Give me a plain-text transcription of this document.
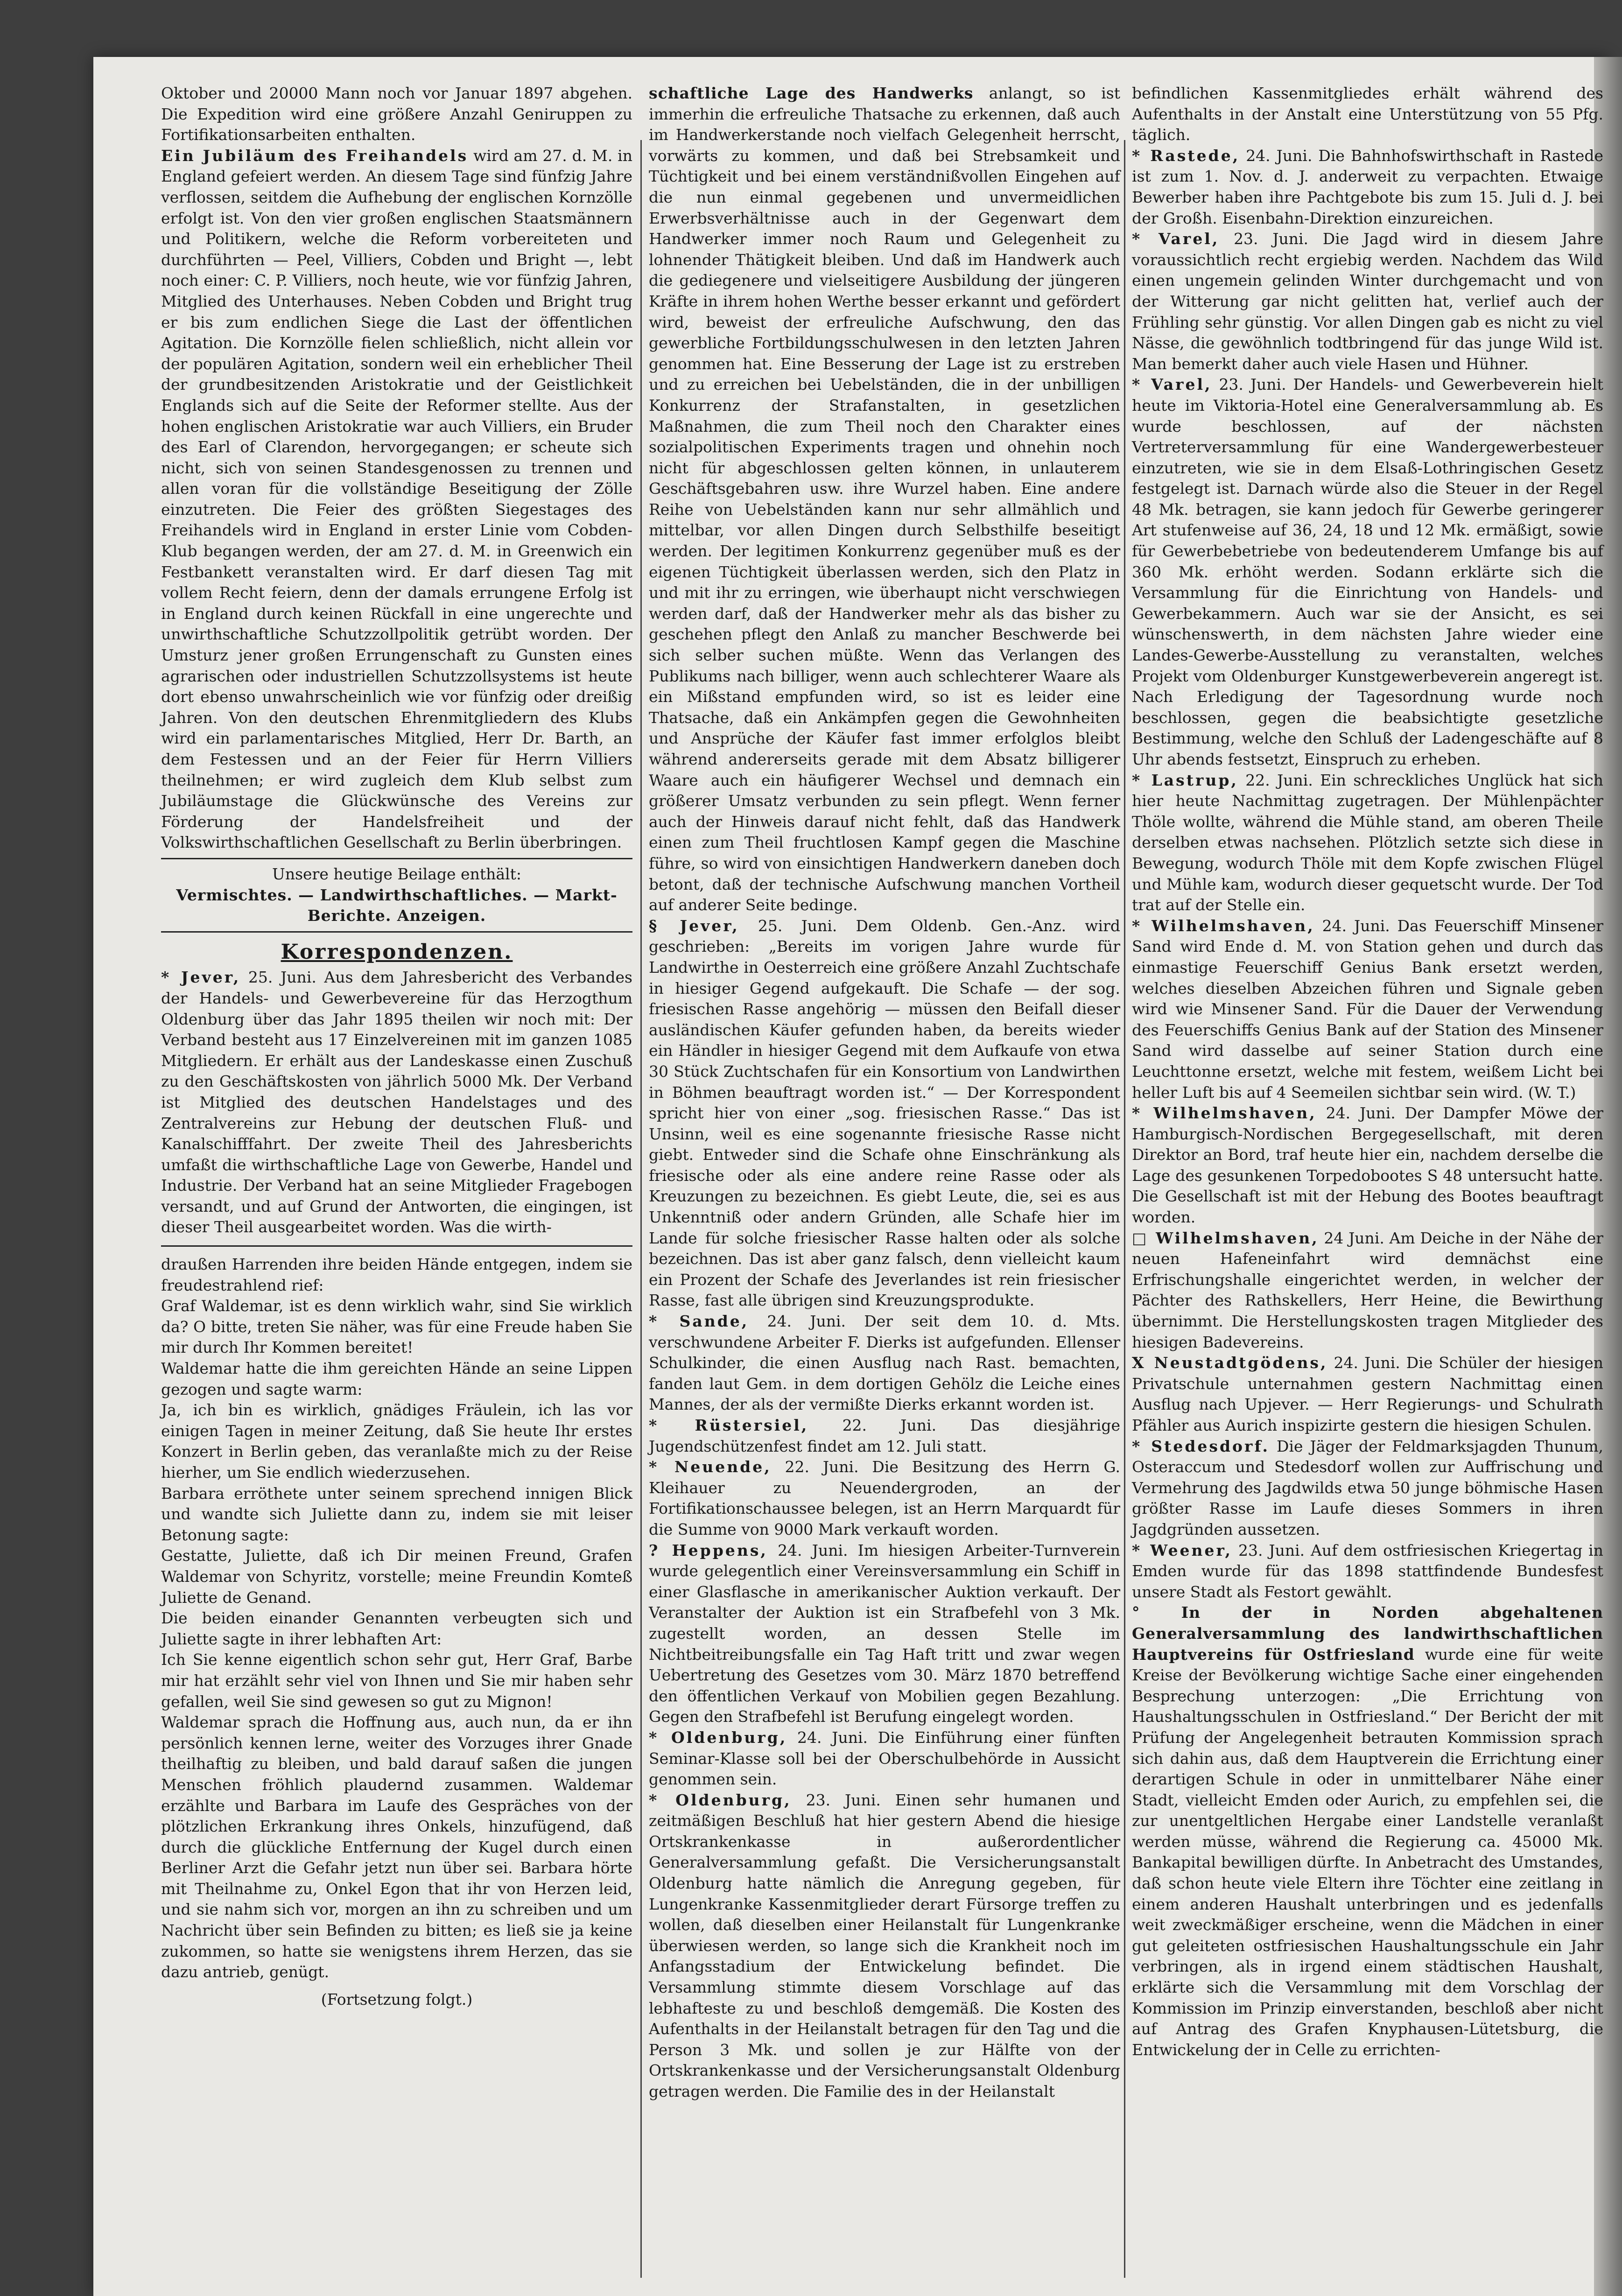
Oktober und 20000 Mann noch vor Januar 1897 abgehen. Die Expedition wird eine größere Anzahl Geniruppen zu Fortifikationsarbeiten enthalten.

Ein Jubiläum des Freihandels wird am 27. d. M. in England gefeiert werden. An diesem Tage sind fünfzig Jahre verflossen, seitdem die Aufhebung der englischen Kornzölle erfolgt ist. Von den vier großen englischen Staatsmännern und Politikern, welche die Reform vorbereiteten und durchführten — Peel, Villiers, Cobden und Bright —, lebt noch einer: C. P. Villiers, noch heute, wie vor fünfzig Jahren, Mitglied des Unterhauses. Neben Cobden und Bright trug er bis zum endlichen Siege die Last der öffentlichen Agitation. Die Kornzölle fielen schließlich, nicht allein vor der populären Agitation, sondern weil ein erheblicher Theil der grundbesitzenden Aristokratie und der Geistlichkeit Englands sich auf die Seite der Reformer stellte. Aus der hohen englischen Aristokratie war auch Villiers, ein Bruder des Earl of Clarendon, hervorgegangen; er scheute sich nicht, sich von seinen Standesgenossen zu trennen und allen voran für die vollständige Beseitigung der Zölle einzutreten. Die Feier des größten Siegestages des Freihandels wird in England in erster Linie vom Cobden-Klub begangen werden, der am 27. d. M. in Greenwich ein Festbankett veranstalten wird. Er darf diesen Tag mit vollem Recht feiern, denn der damals errungene Erfolg ist in England durch keinen Rückfall in eine ungerechte und unwirthschaftliche Schutzzollpolitik getrübt worden. Der Umsturz jener großen Errungenschaft zu Gunsten eines agrarischen oder industriellen Schutzzollsystems ist heute dort ebenso unwahrscheinlich wie vor fünfzig oder dreißig Jahren. Von den deutschen Ehrenmitgliedern des Klubs wird ein parlamentarisches Mitglied, Herr Dr. Barth, an dem Festessen und an der Feier für Herrn Villiers theilnehmen; er wird zugleich dem Klub selbst zum Jubiläumstage die Glückwünsche des Vereins zur Förderung der Handelsfreiheit und der Volkswirthschaftlichen Gesellschaft zu Berlin überbringen.

Unsere heutige Beilage enthält:
Vermischtes. — Landwirthschaftliches. — Markt-Berichte. Anzeigen.
Korrespondenzen.

* Jever, 25. Juni. Aus dem Jahresbericht des Verbandes der Handels- und Gewerbevereine für das Herzogthum Oldenburg über das Jahr 1895 theilen wir noch mit: Der Verband besteht aus 17 Einzelvereinen mit im ganzen 1085 Mitgliedern. Er erhält aus der Landeskasse einen Zuschuß zu den Geschäftskosten von jährlich 5000 Mk. Der Verband ist Mitglied des deutschen Handelstages und des Zentralvereins zur Hebung der deutschen Fluß- und Kanalschifffahrt. Der zweite Theil des Jahresberichts umfaßt die wirthschaftliche Lage von Gewerbe, Handel und Industrie. Der Verband hat an seine Mitglieder Fragebogen versandt, und auf Grund der Antworten, die eingingen, ist dieser Theil ausgearbeitet worden. Was die wirth-

draußen Harrenden ihre beiden Hände entgegen, indem sie freudestrahlend rief:

Graf Waldemar, ist es denn wirklich wahr, sind Sie wirklich da? O bitte, treten Sie näher, was für eine Freude haben Sie mir durch Ihr Kommen bereitet!

Waldemar hatte die ihm gereichten Hände an seine Lippen gezogen und sagte warm:

Ja, ich bin es wirklich, gnädiges Fräulein, ich las vor einigen Tagen in meiner Zeitung, daß Sie heute Ihr erstes Konzert in Berlin geben, das veranlaßte mich zu der Reise hierher, um Sie endlich wiederzusehen.

Barbara erröthete unter seinem sprechend innigen Blick und wandte sich Juliette dann zu, indem sie mit leiser Betonung sagte:

Gestatte, Juliette, daß ich Dir meinen Freund, Grafen Waldemar von Schyritz, vorstelle; meine Freundin Komteß Juliette de Genand.

Die beiden einander Genannten verbeugten sich und Juliette sagte in ihrer lebhaften Art:

Ich Sie kenne eigentlich schon sehr gut, Herr Graf, Barbe mir hat erzählt sehr viel von Ihnen und Sie mir haben sehr gefallen, weil Sie sind gewesen so gut zu Mignon!

Waldemar sprach die Hoffnung aus, auch nun, da er ihn persönlich kennen lerne, weiter des Vorzuges ihrer Gnade theilhaftig zu bleiben, und bald darauf saßen die jungen Menschen fröhlich plaudernd zusammen. Waldemar erzählte und Barbara im Laufe des Gespräches von der plötzlichen Erkrankung ihres Onkels, hinzufügend, daß durch die glückliche Entfernung der Kugel durch einen Berliner Arzt die Gefahr jetzt nun über sei. Barbara hörte mit Theilnahme zu, Onkel Egon that ihr von Herzen leid, und sie nahm sich vor, morgen an ihn zu schreiben und um Nachricht über sein Befinden zu bitten; es ließ sie ja keine zukommen, so hatte sie wenigstens ihrem Herzen, das sie dazu antrieb, genügt.

(Fortsetzung folgt.)

schaftliche Lage des Handwerks anlangt, so ist immerhin die erfreuliche Thatsache zu erkennen, daß auch im Handwerkerstande noch vielfach Gelegenheit herrscht, vorwärts zu kommen, und daß bei Strebsamkeit und Tüchtigkeit und bei einem verständnißvollen Eingehen auf die nun einmal gegebenen und unvermeidlichen Erwerbsverhältnisse auch in der Gegenwart dem Handwerker immer noch Raum und Gelegenheit zu lohnender Thätigkeit bleiben. Und daß im Handwerk auch die gediegenere und vielseitigere Ausbildung der jüngeren Kräfte in ihrem hohen Werthe besser erkannt und gefördert wird, beweist der erfreuliche Aufschwung, den das gewerbliche Fortbildungsschulwesen in den letzten Jahren genommen hat. Eine Besserung der Lage ist zu erstreben und zu erreichen bei Uebelständen, die in der unbilligen Konkurrenz der Strafanstalten, in gesetzlichen Maßnahmen, die zum Theil noch den Charakter eines sozialpolitischen Experiments tragen und ohnehin noch nicht für abgeschlossen gelten können, in unlauterem Geschäftsgebahren usw. ihre Wurzel haben. Eine andere Reihe von Uebelständen kann nur sehr allmählich und mittelbar, vor allen Dingen durch Selbsthilfe beseitigt werden. Der legitimen Konkurrenz gegenüber muß es der eigenen Tüchtigkeit überlassen werden, sich den Platz in und mit ihr zu erringen, wie überhaupt nicht verschwiegen werden darf, daß der Handwerker mehr als das bisher zu geschehen pflegt den Anlaß zu mancher Beschwerde bei sich selber suchen müßte. Wenn das Verlangen des Publikums nach billiger, wenn auch schlechterer Waare als ein Mißstand empfunden wird, so ist es leider eine Thatsache, daß ein Ankämpfen gegen die Gewohnheiten und Ansprüche der Käufer fast immer erfolglos bleibt während andererseits gerade mit dem Absatz billigerer Waare auch ein häufigerer Wechsel und demnach ein größerer Umsatz verbunden zu sein pflegt. Wenn ferner auch der Hinweis darauf nicht fehlt, daß das Handwerk einen zum Theil fruchtlosen Kampf gegen die Maschine führe, so wird von einsichtigen Handwerkern daneben doch betont, daß der technische Aufschwung manchen Vortheil auf anderer Seite bedinge.

§ Jever, 25. Juni. Dem Oldenb. Gen.-Anz. wird geschrieben: „Bereits im vorigen Jahre wurde für Landwirthe in Oesterreich eine größere Anzahl Zuchtschafe in hiesiger Gegend aufgekauft. Die Schafe — der sog. friesischen Rasse angehörig — müssen den Beifall dieser ausländischen Käufer gefunden haben, da bereits wieder ein Händler in hiesiger Gegend mit dem Aufkaufe von etwa 30 Stück Zuchtschafen für ein Konsortium von Landwirthen in Böhmen beauftragt worden ist.“ — Der Korrespondent spricht hier von einer „sog. friesischen Rasse.“ Das ist Unsinn, weil es eine sogenannte friesische Rasse nicht giebt. Entweder sind die Schafe ohne Einschränkung als friesische oder als eine andere reine Rasse oder als Kreuzungen zu bezeichnen. Es giebt Leute, die, sei es aus Unkenntniß oder andern Gründen, alle Schafe hier im Lande für solche friesischer Rasse halten oder als solche bezeichnen. Das ist aber ganz falsch, denn vielleicht kaum ein Prozent der Schafe des Jeverlandes ist rein friesischer Rasse, fast alle übrigen sind Kreuzungsprodukte.

* Sande, 24. Juni. Der seit dem 10. d. Mts. verschwundene Arbeiter F. Dierks ist aufgefunden. Ellenser Schulkinder, die einen Ausflug nach Rast. bemachten, fanden laut Gem. in dem dortigen Gehölz die Leiche eines Mannes, der als der vermißte Dierks erkannt worden ist.

* Rüstersiel, 22. Juni. Das diesjährige Jugendschützenfest findet am 12. Juli statt.

* Neuende, 22. Juni. Die Besitzung des Herrn G. Kleihauer zu Neuendergroden, an der Fortifikationschaussee belegen, ist an Herrn Marquardt für die Summe von 9000 Mark verkauft worden.

? Heppens, 24. Juni. Im hiesigen Arbeiter-Turnverein wurde gelegentlich einer Vereinsversammlung ein Schiff in einer Glasflasche in amerikanischer Auktion verkauft. Der Veranstalter der Auktion ist ein Strafbefehl von 3 Mk. zugestellt worden, an dessen Stelle im Nichtbeitreibungsfalle ein Tag Haft tritt und zwar wegen Uebertretung des Gesetzes vom 30. März 1870 betreffend den öffentlichen Verkauf von Mobilien gegen Bezahlung. Gegen den Strafbefehl ist Berufung eingelegt worden.

* Oldenburg, 24. Juni. Die Einführung einer fünften Seminar-Klasse soll bei der Oberschulbehörde in Aussicht genommen sein.

* Oldenburg, 23. Juni. Einen sehr humanen und zeitmäßigen Beschluß hat hier gestern Abend die hiesige Ortskrankenkasse in außerordentlicher Generalversammlung gefaßt. Die Versicherungsanstalt Oldenburg hatte nämlich die Anregung gegeben, für Lungenkranke Kassenmitglieder derart Fürsorge treffen zu wollen, daß dieselben einer Heilanstalt für Lungenkranke überwiesen werden, so lange sich die Krankheit noch im Anfangsstadium der Entwickelung befindet. Die Versammlung stimmte diesem Vorschlage auf das lebhafteste zu und beschloß demgemäß. Die Kosten des Aufenthalts in der Heilanstalt betragen für den Tag und die Person 3 Mk. und sollen je zur Hälfte von der Ortskrankenkasse und der Versicherungsanstalt Oldenburg getragen werden. Die Familie des in der Heilanstalt

befindlichen Kassenmitgliedes erhält während des Aufenthalts in der Anstalt eine Unterstützung von 55 Pfg. täglich.

* Rastede, 24. Juni. Die Bahnhofswirthschaft in Rastede ist zum 1. Nov. d. J. anderweit zu verpachten. Etwaige Bewerber haben ihre Pachtgebote bis zum 15. Juli d. J. bei der Großh. Eisenbahn-Direktion einzureichen.

* Varel, 23. Juni. Die Jagd wird in diesem Jahre voraussichtlich recht ergiebig werden. Nachdem das Wild einen ungemein gelinden Winter durchgemacht und von der Witterung gar nicht gelitten hat, verlief auch der Frühling sehr günstig. Vor allen Dingen gab es nicht zu viel Nässe, die gewöhnlich todtbringend für das junge Wild ist. Man bemerkt daher auch viele Hasen und Hühner.

* Varel, 23. Juni. Der Handels- und Gewerbeverein hielt heute im Viktoria-Hotel eine Generalversammlung ab. Es wurde beschlossen, auf der nächsten Vertreterversammlung für eine Wandergewerbesteuer einzutreten, wie sie in dem Elsaß-Lothringischen Gesetz festgelegt ist. Darnach würde also die Steuer in der Regel 48 Mk. betragen, sie kann jedoch für Gewerbe geringerer Art stufenweise auf 36, 24, 18 und 12 Mk. ermäßigt, sowie für Gewerbebetriebe von bedeutenderem Umfange bis auf 360 Mk. erhöht werden. Sodann erklärte sich die Versammlung für die Einrichtung von Handels- und Gewerbekammern. Auch war sie der Ansicht, es sei wünschenswerth, in dem nächsten Jahre wieder eine Landes-Gewerbe-Ausstellung zu veranstalten, welches Projekt vom Oldenburger Kunstgewerbeverein angeregt ist. Nach Erledigung der Tagesordnung wurde noch beschlossen, gegen die beabsichtigte gesetzliche Bestimmung, welche den Schluß der Ladengeschäfte auf 8 Uhr abends festsetzt, Einspruch zu erheben.

* Lastrup, 22. Juni. Ein schreckliches Unglück hat sich hier heute Nachmittag zugetragen. Der Mühlenpächter Thöle wollte, während die Mühle stand, am oberen Theile derselben etwas nachsehen. Plötzlich setzte sich diese in Bewegung, wodurch Thöle mit dem Kopfe zwischen Flügel und Mühle kam, wodurch dieser gequetscht wurde. Der Tod trat auf der Stelle ein.

* Wilhelmshaven, 24. Juni. Das Feuerschiff Minsener Sand wird Ende d. M. von Station gehen und durch das einmastige Feuerschiff Genius Bank ersetzt werden, welches dieselben Abzeichen führen und Signale geben wird wie Minsener Sand. Für die Dauer der Verwendung des Feuerschiffs Genius Bank auf der Station des Minsener Sand wird dasselbe auf seiner Station durch eine Leuchttonne ersetzt, welche mit festem, weißem Licht bei heller Luft bis auf 4 Seemeilen sichtbar sein wird. (W. T.)

* Wilhelmshaven, 24. Juni. Der Dampfer Möwe der Hamburgisch-Nordischen Bergegesellschaft, mit deren Direktor an Bord, traf heute hier ein, nachdem derselbe die Lage des gesunkenen Torpedobootes S 48 untersucht hatte. Die Gesellschaft ist mit der Hebung des Bootes beauftragt worden.

□ Wilhelmshaven, 24 Juni. Am Deiche in der Nähe der neuen Hafeneinfahrt wird demnächst eine Erfrischungshalle eingerichtet werden, in welcher der Pächter des Rathskellers, Herr Heine, die Bewirthung übernimmt. Die Herstellungskosten tragen Mitglieder des hiesigen Badevereins.

X Neustadtgödens, 24. Juni. Die Schüler der hiesigen Privatschule unternahmen gestern Nachmittag einen Ausflug nach Upjever. — Herr Regierungs- und Schulrath Pfähler aus Aurich inspizirte gestern die hiesigen Schulen.

* Stedesdorf. Die Jäger der Feldmarksjagden Thunum, Osteraccum und Stedesdorf wollen zur Auffrischung und Vermehrung des Jagdwilds etwa 50 junge böhmische Hasen größter Rasse im Laufe dieses Sommers in ihren Jagdgründen aussetzen.

* Weener, 23. Juni. Auf dem ostfriesischen Kriegertag in Emden wurde für das 1898 stattfindende Bundesfest unsere Stadt als Festort gewählt.

° In der in Norden abgehaltenen Generalversammlung des landwirthschaftlichen Hauptvereins für Ostfriesland wurde eine für weite Kreise der Bevölkerung wichtige Sache einer eingehenden Besprechung unterzogen: „Die Errichtung von Haushaltungsschulen in Ostfriesland.“ Der Bericht der mit Prüfung der Angelegenheit betrauten Kommission sprach sich dahin aus, daß dem Hauptverein die Errichtung einer derartigen Schule in oder in unmittelbarer Nähe einer Stadt, vielleicht Emden oder Aurich, zu empfehlen sei, die zur unentgeltlichen Hergabe einer Landstelle veranlaßt werden müsse, während die Regierung ca. 45000 Mk. Bankapital bewilligen dürfte. In Anbetracht des Umstandes, daß schon heute viele Eltern ihre Töchter eine zeitlang in einem anderen Haushalt unterbringen und es jedenfalls weit zweckmäßiger erscheine, wenn die Mädchen in einer gut geleiteten ostfriesischen Haushaltungsschule ein Jahr verbringen, als in irgend einem städtischen Haushalt, erklärte sich die Versammlung mit dem Vorschlag der Kommission im Prinzip einverstanden, beschloß aber nicht auf Antrag des Grafen Knyphausen-Lütetsburg, die Entwickelung der in Celle zu errichten-
